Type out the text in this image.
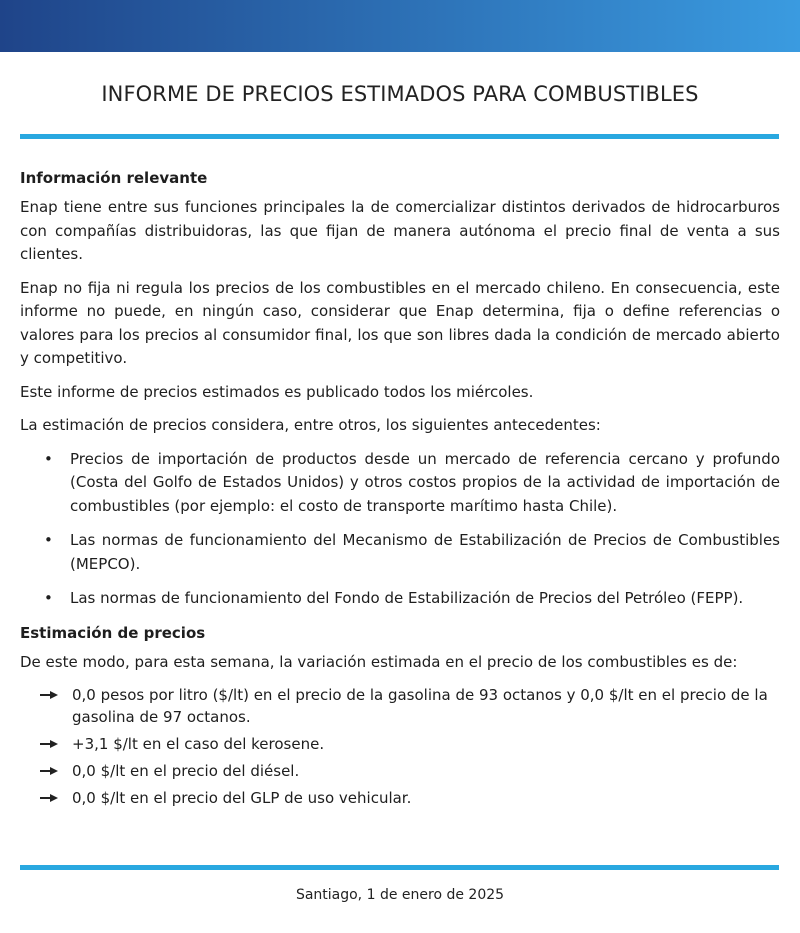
INFORME DE PRECIOS ESTIMADOS PARA COMBUSTIBLES
Información relevante

Enap tiene entre sus funciones principales la de comercializar distintos derivados de hidrocarburos con compañías distribuidoras, las que fijan de manera autónoma el precio final de venta a sus clientes.

Enap no fija ni regula los precios de los combustibles en el mercado chileno. En consecuencia, este informe no puede, en ningún caso, considerar que Enap determina, fija o define referencias o valores para los precios al consumidor final, los que son libres dada la condición de mercado abierto y competitivo.

Este informe de precios estimados es publicado todos los miércoles.

La estimación de precios considera, entre otros, los siguientes antecedentes:

• Precios de importación de productos desde un mercado de referencia cercano y profundo (Costa del Golfo de Estados Unidos) y otros costos propios de la actividad de importación de combustibles (por ejemplo: el costo de transporte marítimo hasta Chile).
• Las normas de funcionamiento del Mecanismo de Estabilización de Precios de Combustibles (MEPCO).
• Las normas de funcionamiento del Fondo de Estabilización de Precios del Petróleo (FEPP).
Estimación de precios

De este modo, para esta semana, la variación estimada en el precio de los combustibles es de:

0,0 pesos por litro ($/lt) en el precio de la gasolina de 93 octanos y 0,0 $/lt en el precio de la gasolina de 97 octanos.
+3,1 $/lt en el caso del kerosene.
0,0 $/lt en el precio del diésel.
0,0 $/lt en el precio del GLP de uso vehicular.
Santiago, 1 de enero de 2025
